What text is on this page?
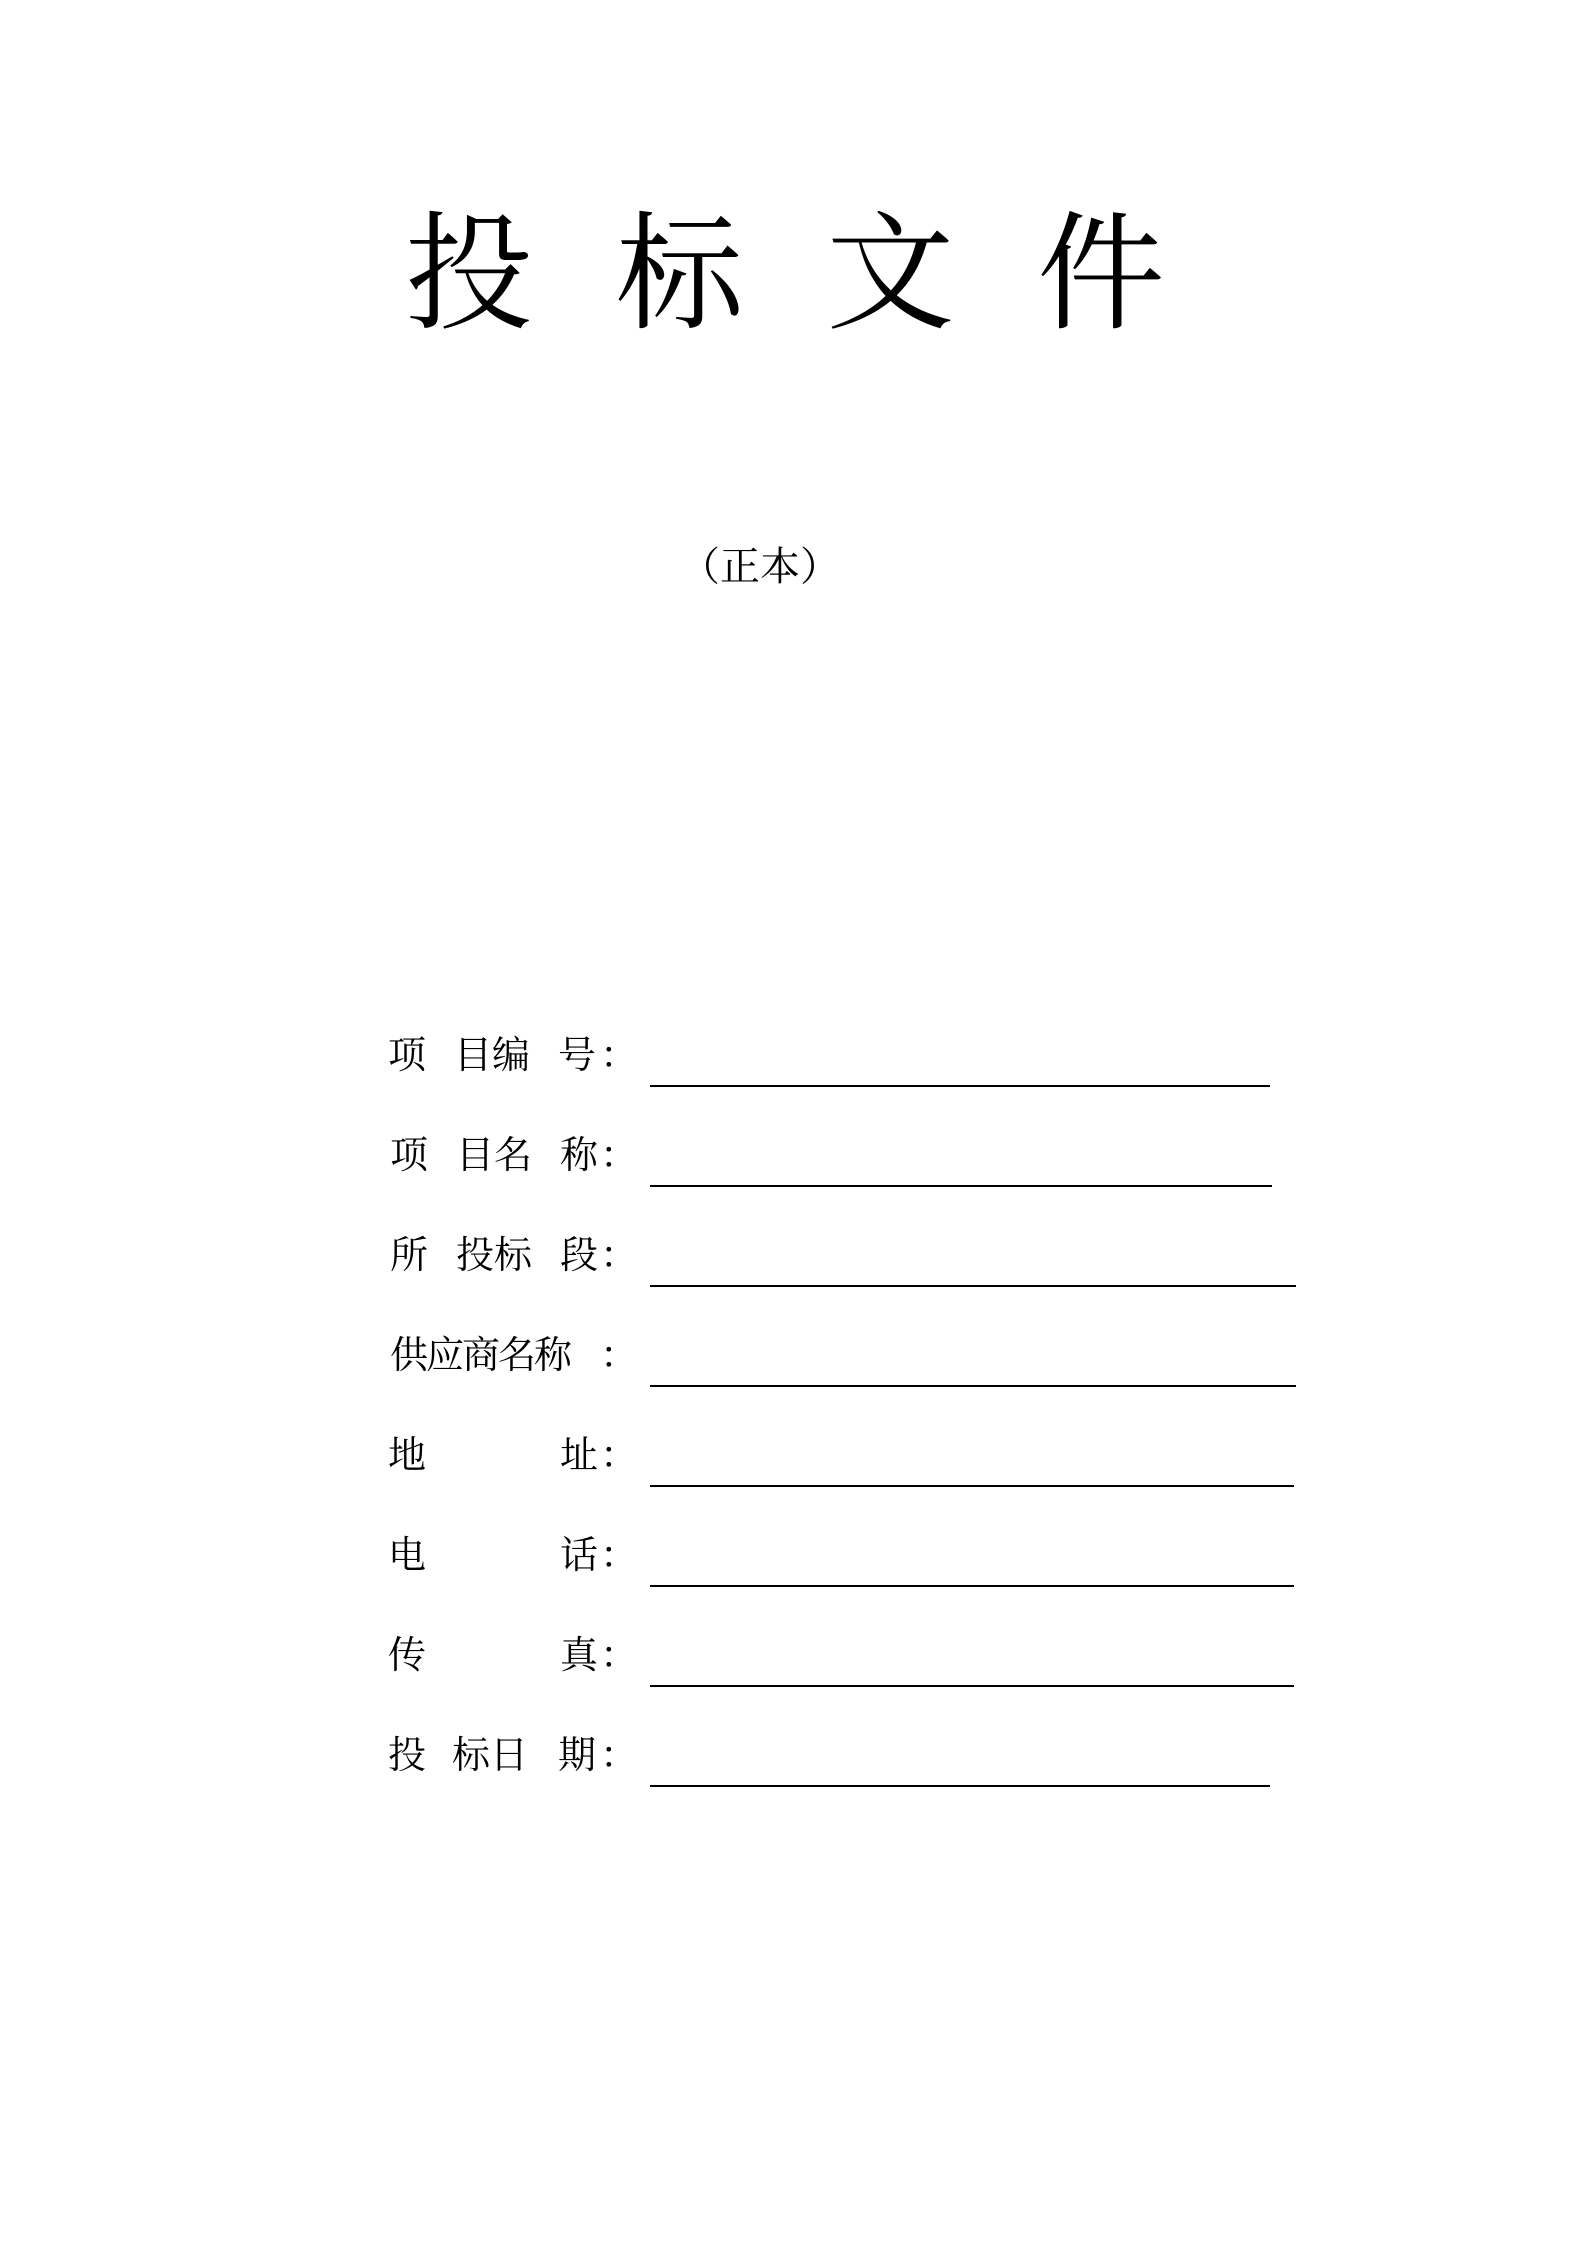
投 标 文 件
（正本）
项 目编 号 ：
项 目名 称 ：
所 投标 段 ：
供应商名称 ：
地	址 ：
电	话 ：
传	真 ：
投 标日 期 ：
